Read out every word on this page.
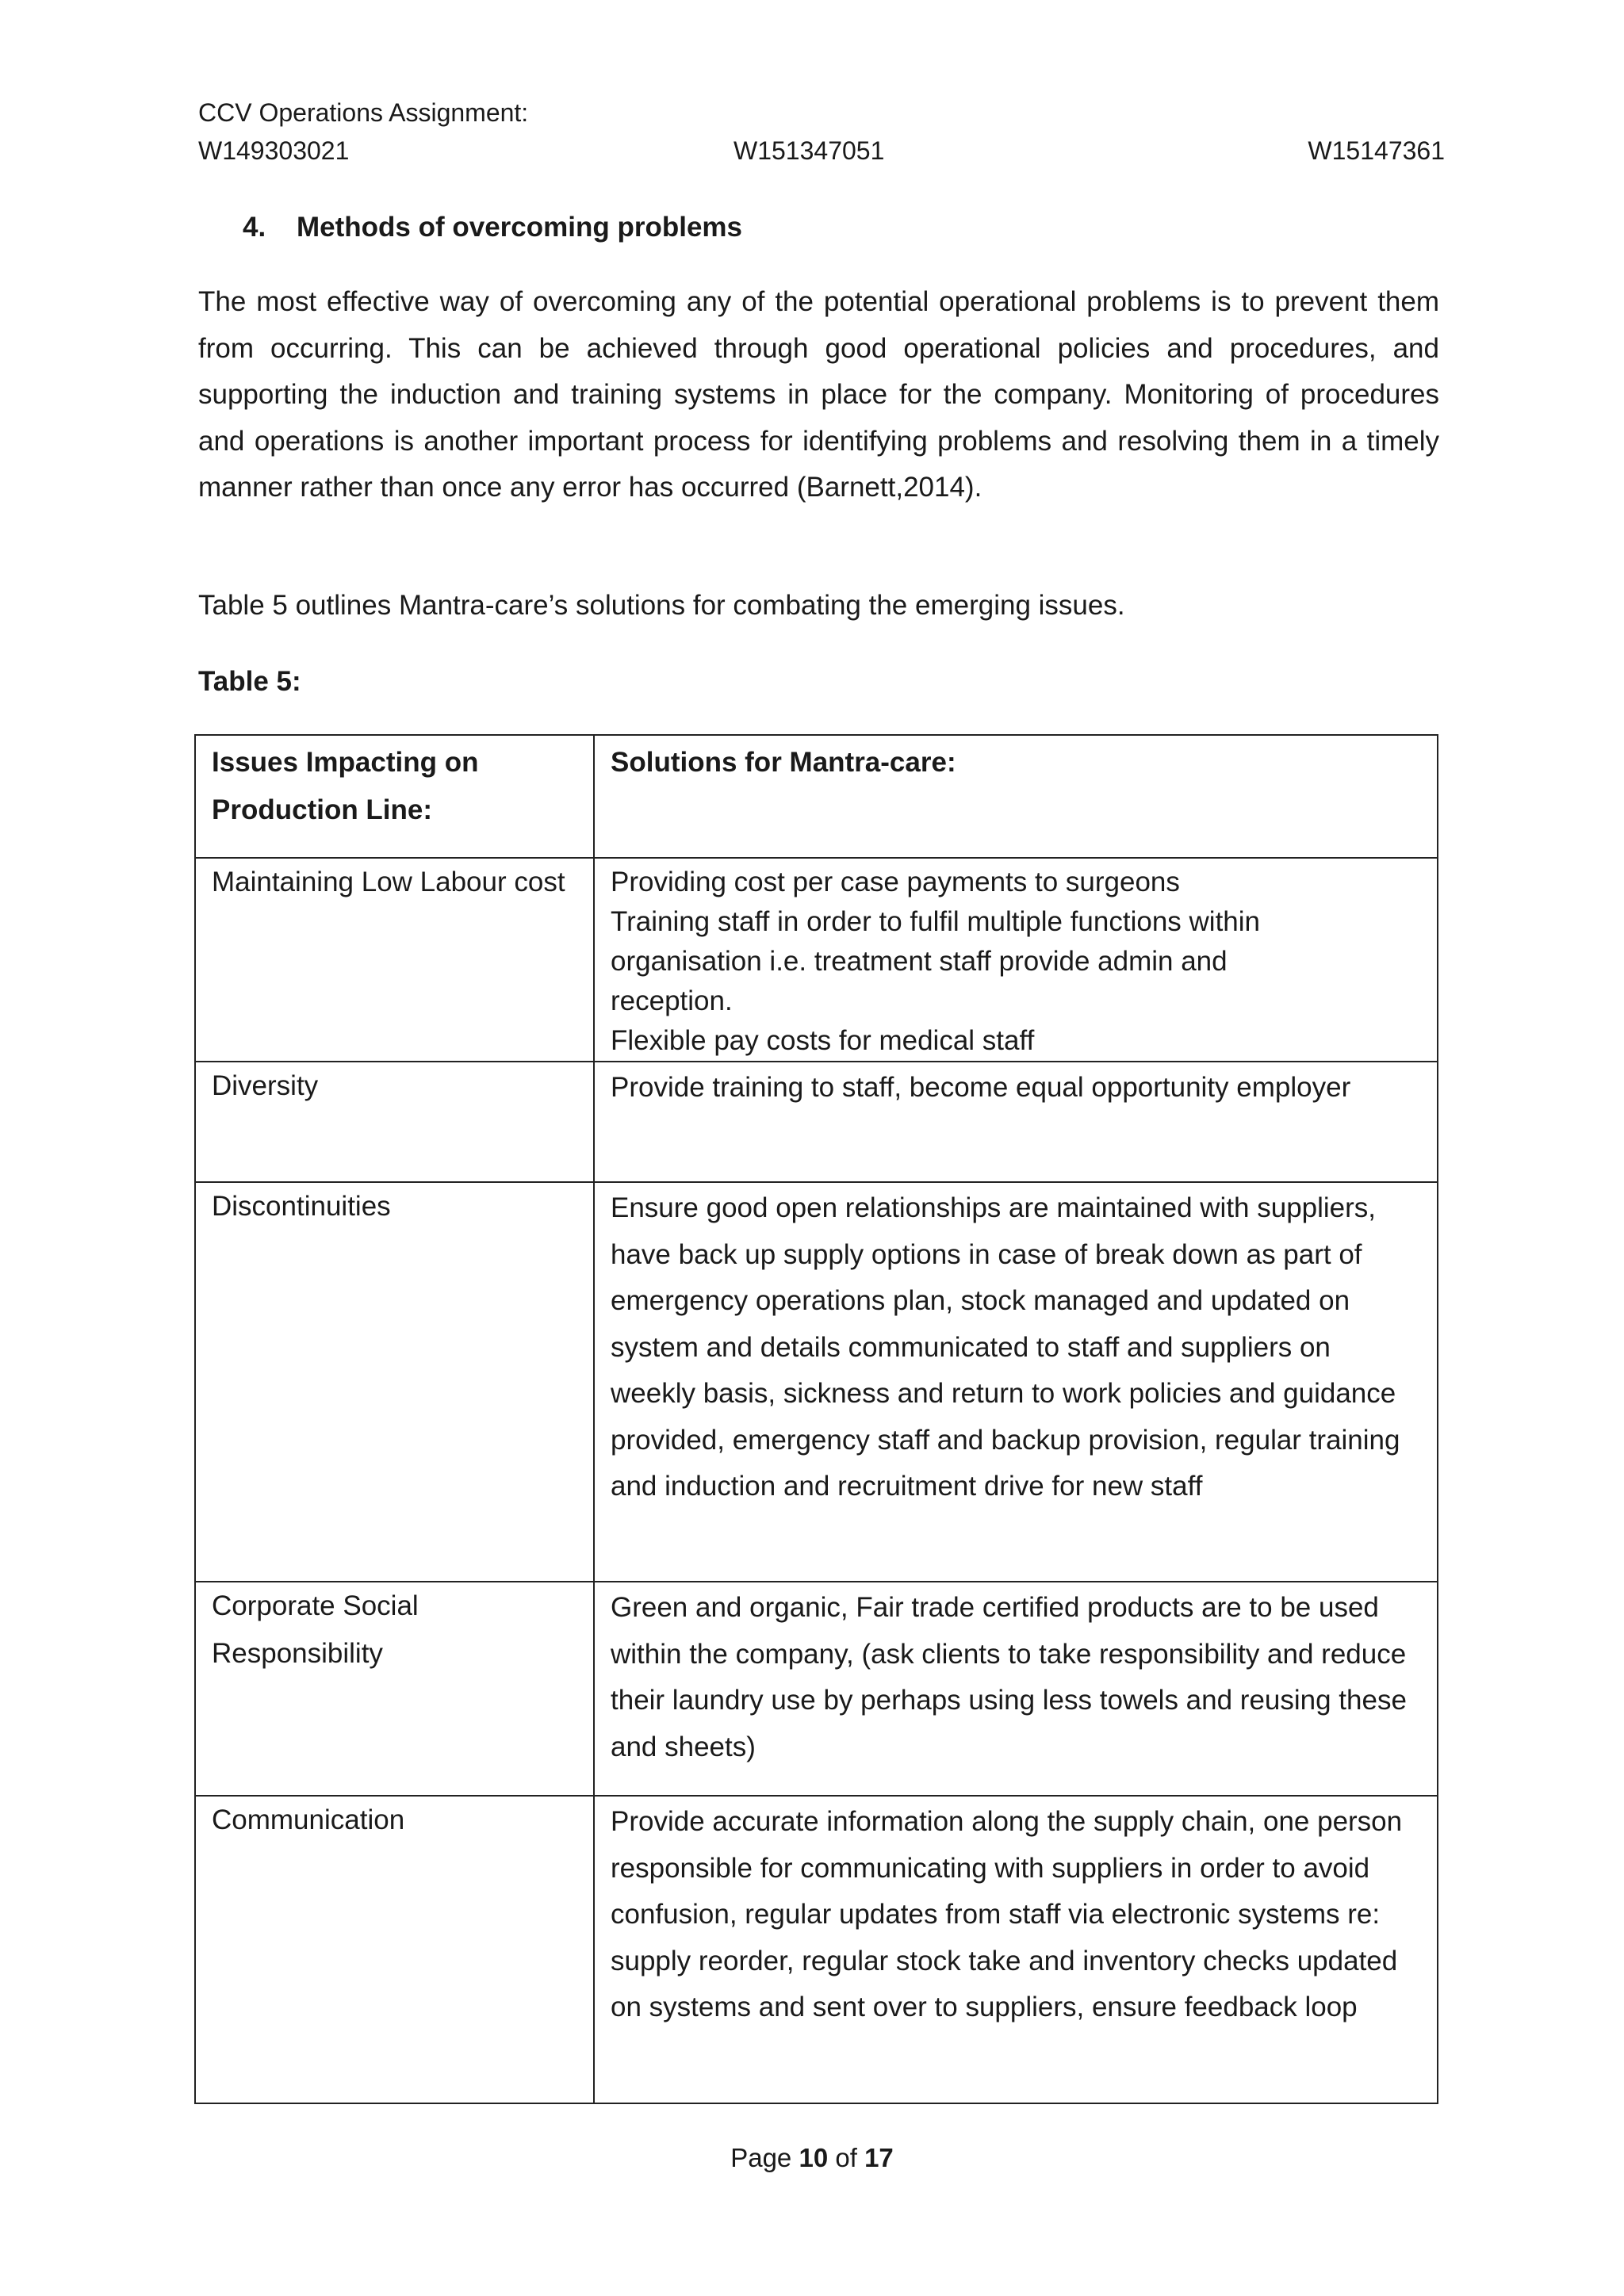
CCV Operations Assignment:
W149303021	W151347051	W15147361
4. Methods of overcoming problems
The most effective way of overcoming any of the potential operational problems is to prevent them from occurring. This can be achieved through good operational policies and procedures, and supporting the induction and training systems in place for the company. Monitoring of procedures and operations is another important process for identifying problems and resolving them in a timely manner rather than once any error has occurred (Barnett,2014).
Table 5 outlines Mantra-care’s solutions for combating the emerging issues.
Table 5:
Issues Impacting on Production Line:	Solutions for Mantra-care:
Maintaining Low Labour cost	Providing cost per case payments to surgeons
Training staff in order to fulfil multiple functions within
organisation i.e. treatment staff provide admin and
reception.
Flexible pay costs for medical staff

Diversity	Provide training to staff, become equal opportunity employer
Discontinuities	Ensure good open relationships are maintained with suppliers, have back up supply options in case of break down as part of emergency operations plan, stock managed and updated on system and details communicated to staff and suppliers on weekly basis, sickness and return to work policies and guidance provided, emergency staff and backup provision, regular training and induction and recruitment drive for new staff
Corporate Social Responsibility	Green and organic, Fair trade certified products are to be used within the company, (ask clients to take responsibility and reduce their laundry use by perhaps using less towels and reusing these and sheets)
Communication	Provide accurate information along the supply chain, one person responsible for communicating with suppliers in order to avoid confusion, regular updates from staff via electronic systems re: supply reorder, regular stock take and inventory checks updated on systems and sent over to suppliers, ensure feedback loop
Page 10 of 17
